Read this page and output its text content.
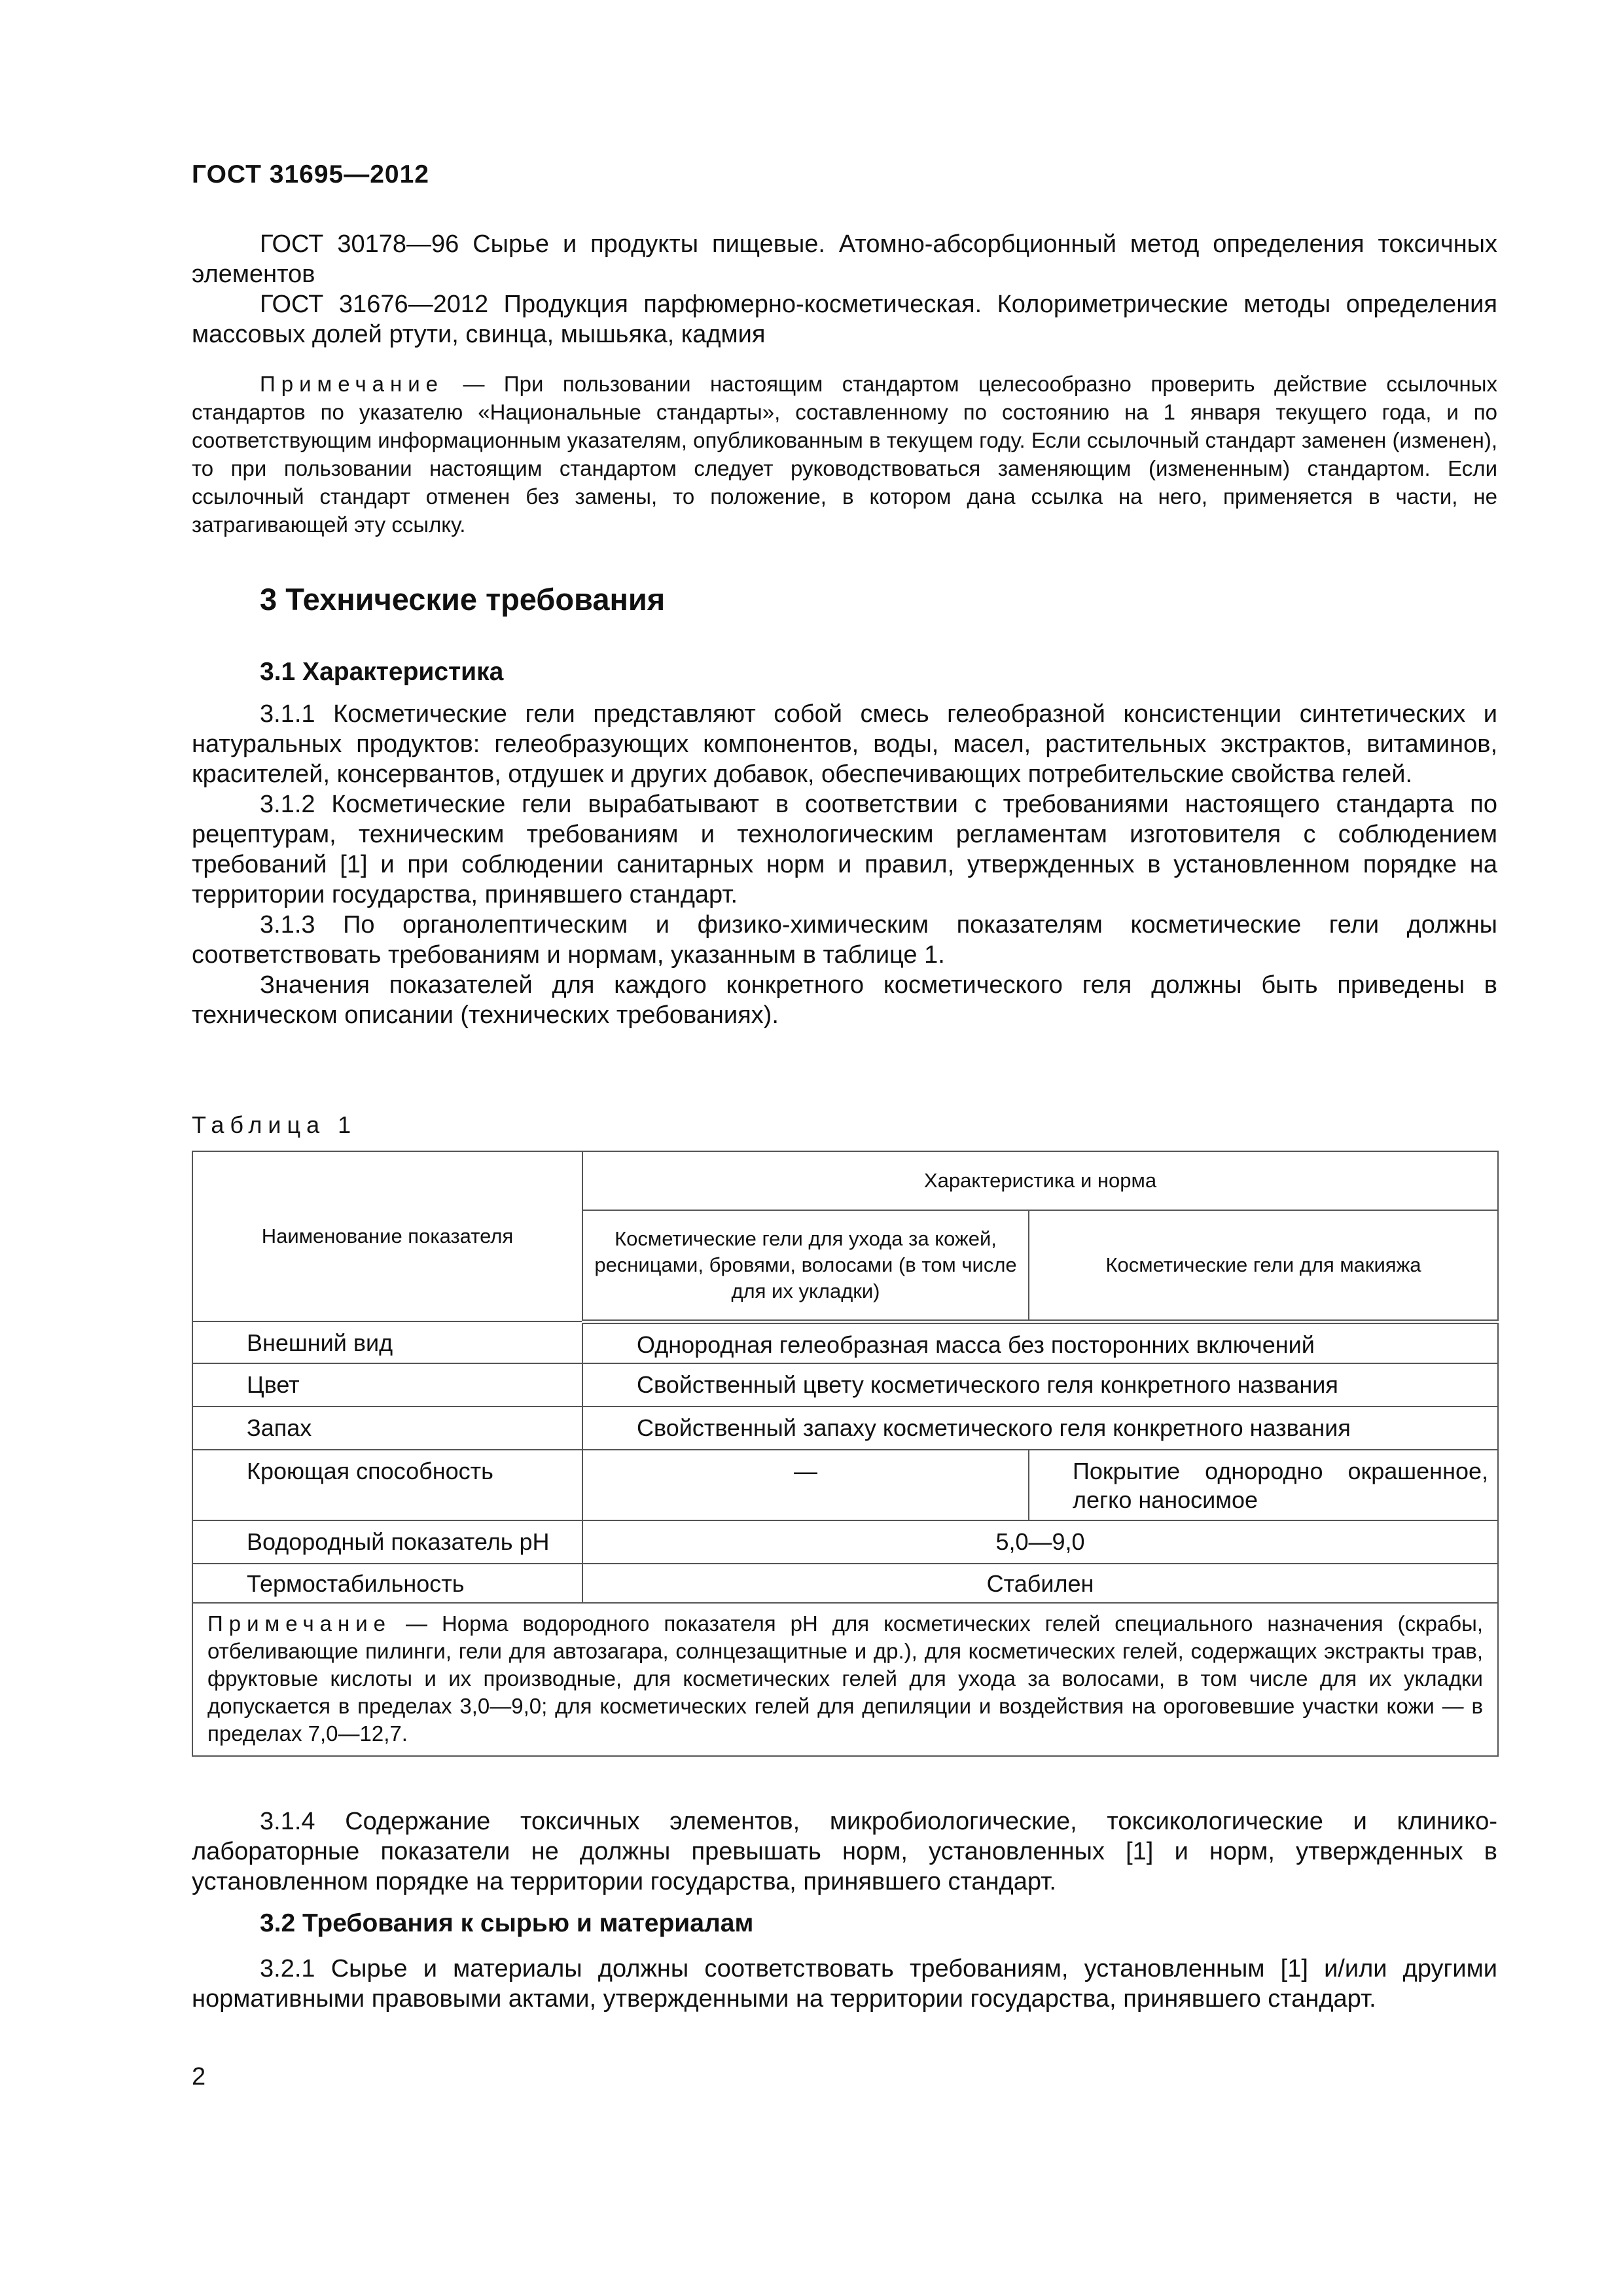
ГОСТ 31695—2012

ГОСТ 30178—96 Сырье и продукты пищевые. Атомно-абсорбционный метод определения токсичных элементов

ГОСТ 31676—2012 Продукция парфюмерно-косметическая. Колориметрические методы определения массовых долей ртути, свинца, мышьяка, кадмия

Примечание — При пользовании настоящим стандартом целесообразно проверить действие ссылочных стандартов по указателю «Национальные стандарты», составленному по состоянию на 1 января текущего года, и по соответствующим информационным указателям, опубликованным в текущем году. Если ссылочный стандарт заменен (изменен), то при пользовании настоящим стандартом следует руководствоваться заменяющим (измененным) стандартом. Если ссылочный стандарт отменен без замены, то положение, в котором дана ссылка на него, применяется в части, не затрагивающей эту ссылку.

3 Технические требования
3.1 Характеристика

3.1.1 Косметические гели представляют собой смесь гелеобразной консистенции синтетических и натуральных продуктов: гелеобразующих компонентов, воды, масел, растительных экстрактов, витаминов, красителей, консервантов, отдушек и других добавок, обеспечивающих потребительские свойства гелей.

3.1.2 Косметические гели вырабатывают в соответствии с требованиями настоящего стандарта по рецептурам, техническим требованиям и технологическим регламентам изготовителя с соблюдением требований [1] и при соблюдении санитарных норм и правил, утвержденных в установленном порядке на территории государства, принявшего стандарт.

3.1.3 По органолептическим и физико-химическим показателям косметические гели должны соответствовать требованиям и нормам, указанным в таблице 1.

Значения показателей для каждого конкретного косметического геля должны быть приведены в техническом описании (технических требованиях).

Таблица 1
Наименование показателя	Характеристика и норма	
	Косметические гели для ухода за кожей, ресницами, бровями, волосами (в том числе для их укладки)	Косметические гели для макияжа
Внешний вид	Однородная гелеобразная масса без посторонних включений	
Цвет	Свойственный цвету косметического геля конкретного названия	
Запах	Свойственный запаху косметического геля конкретного названия	
Кроющая способность	—	Покрытие однородно окрашенное, легко наносимое
Водородный показатель pH	5,0—9,0	
Термостабильность	Стабилен	
Примечание — Норма водородного показателя pH для косметических гелей специального назначения (скрабы, отбеливающие пилинги, гели для автозагара, солнцезащитные и др.), для косметических гелей, содержащих экстракты трав, фруктовые кислоты и их производные, для косметических гелей для ухода за волосами, в том числе для их укладки допускается в пределах 3,0—9,0; для косметических гелей для депиляции и воздействия на ороговевшие участки кожи — в пределах 7,0—12,7.		

3.1.4 Содержание токсичных элементов, микробиологические, токсикологические и клинико-лабораторные показатели не должны превышать норм, установленных [1] и норм, утвержденных в установленном порядке на территории государства, принявшего стандарт.

3.2 Требования к сырью и материалам

3.2.1 Сырье и материалы должны соответствовать требованиям, установленным [1] и/или другими нормативными правовыми актами, утвержденными на территории государства, принявшего стандарт.

2
